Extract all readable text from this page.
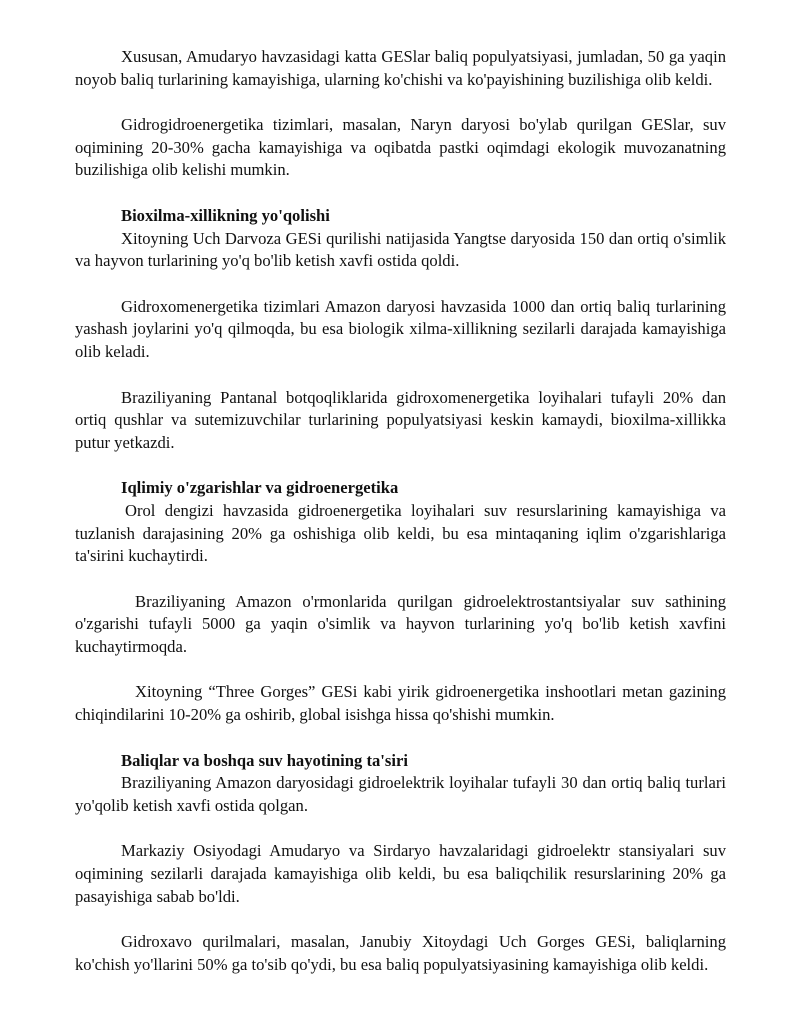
Xususan, Amudaryo havzasidagi katta GESlar baliq populyatsiyasi, jumladan, 50 ga yaqin noyob baliq turlarining kamayishiga, ularning ko'chishi va ko'payishining buzilishiga olib keldi.

Gidrogidroenergetika tizimlari, masalan, Naryn daryosi bo'ylab qurilgan GESlar, suv oqimining 20-30% gacha kamayishiga va oqibatda pastki oqimdagi ekologik muvozanatning buzilishiga olib kelishi mumkin.

Bioxilma-xillikning yo'qolishi

Xitoyning Uch Darvoza GESi qurilishi natijasida Yangtse daryosida 150 dan ortiq o'simlik va hayvon turlarining yo'q bo'lib ketish xavfi ostida qoldi.

Gidroxomenergetika tizimlari Amazon daryosi havzasida 1000 dan ortiq baliq turlarining yashash joylarini yo'q qilmoqda, bu esa biologik xilma-xillikning sezilarli darajada kamayishiga olib keladi.

Braziliyaning Pantanal botqoqliklarida gidroxomenergetika loyihalari tufayli 20% dan ortiq qushlar va sutemizuvchilar turlarining populyatsiyasi keskin kamaydi, bioxilma-xillikka putur yetkazdi.

Iqlimiy o'zgarishlar va gidroenergetika

Orol dengizi havzasida gidroenergetika loyihalari suv resurslarining kamayishiga va tuzlanish darajasining 20% ga oshishiga olib keldi, bu esa mintaqaning iqlim o'zgarishlariga ta'sirini kuchaytirdi.

Braziliyaning Amazon o'rmonlarida qurilgan gidroelektrostantsiyalar suv sathining o'zgarishi tufayli 5000 ga yaqin o'simlik va hayvon turlarining yo'q bo'lib ketish xavfini kuchaytirmoqda.

Xitoyning “Three Gorges” GESi kabi yirik gidroenergetika inshootlari metan gazining chiqindilarini 10-20% ga oshirib, global isishga hissa qo'shishi mumkin.

Baliqlar va boshqa suv hayotining ta'siri

Braziliyaning Amazon daryosidagi gidroelektrik loyihalar tufayli 30 dan ortiq baliq turlari yo'qolib ketish xavfi ostida qolgan.

Markaziy Osiyodagi Amudaryo va Sirdaryo havzalaridagi gidroelektr stansiyalari suv oqimining sezilarli darajada kamayishiga olib keldi, bu esa baliqchilik resurslarining 20% ga pasayishiga sabab bo'ldi.

Gidroxavo qurilmalari, masalan, Janubiy Xitoydagi Uch Gorges GESi, baliqlarning ko'chish yo'llarini 50% ga to'sib qo'ydi, bu esa baliq populyatsiyasining kamayishiga olib keldi.
